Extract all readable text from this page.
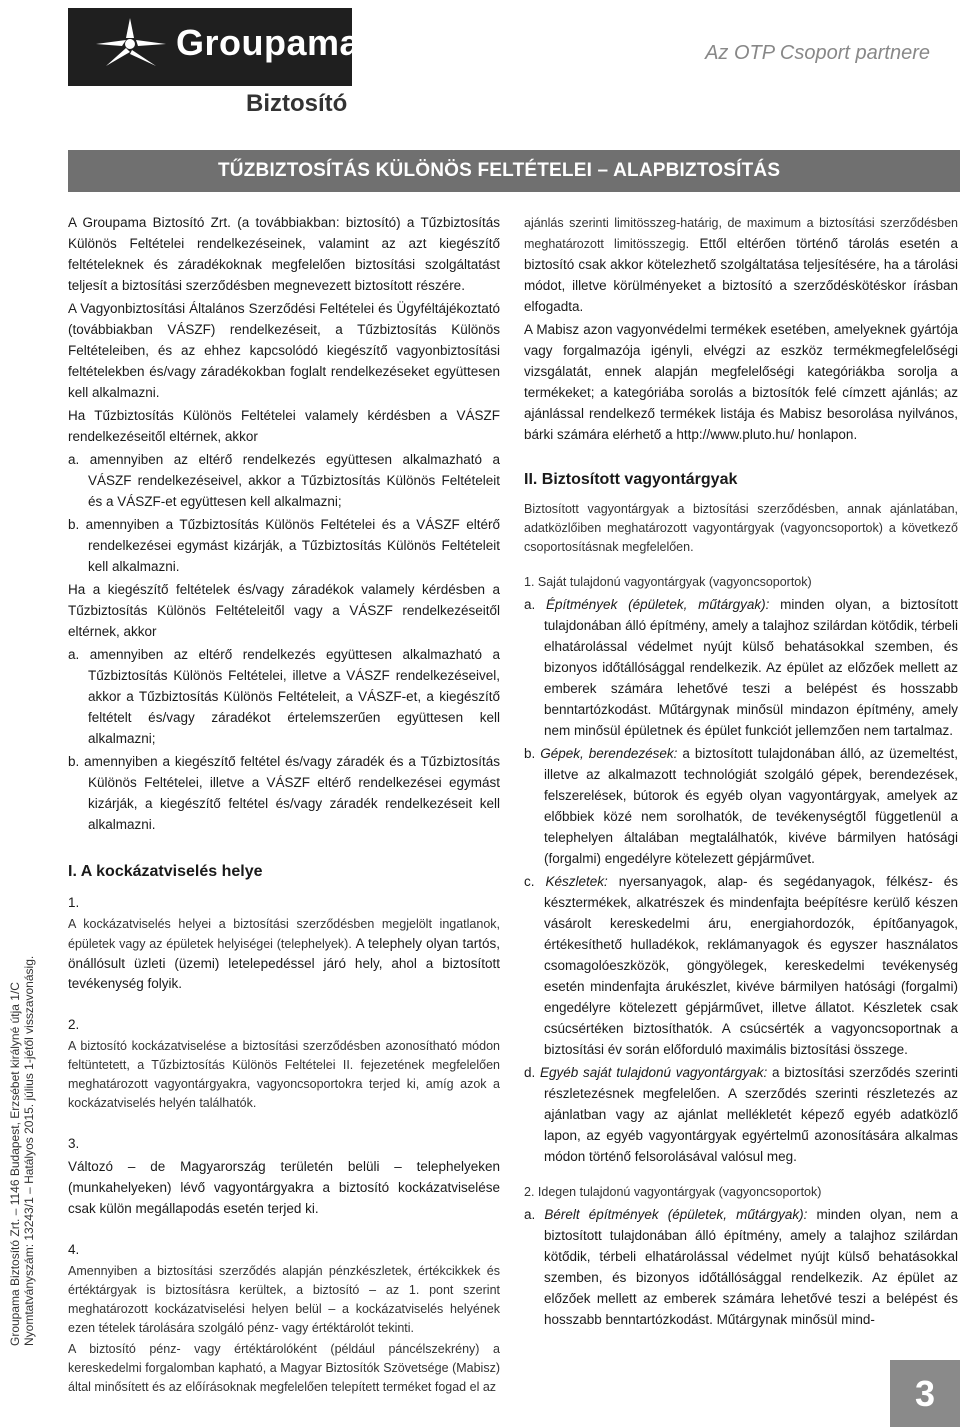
Groupama
Biztosító
Az OTP Csoport partnere
TŰZBIZTOSÍTÁS KÜLÖNÖS FELTÉTELEI – ALAPBIZTOSÍTÁS

A Groupama Biztosító Zrt. (a továbbiakban: biztosító) a Tűzbiztosítás Különös Feltételei rendelkezéseinek, valamint az azt kiegészítő feltételeknek és záradékoknak megfelelően biztosítási szolgáltatást teljesít a biztosítási szerződésben megnevezett biztosított részére.

A Vagyonbiztosítási Általános Szerződési Feltételei és Ügyféltájékoztató (továbbiakban VÁSZF) rendelkezéseit, a Tűzbiztosítás Különös Feltételeiben, és az ehhez kapcsolódó kiegészítő vagyonbiztosítási feltételekben és/vagy záradékokban foglalt rendelkezéseket együttesen kell alkalmazni.

Ha Tűzbiztosítás Különös Feltételei valamely kérdésben a VÁSZF rendelkezéseitől eltérnek, akkor

a. amennyiben az eltérő rendelkezés együttesen alkalmazható a VÁSZF rendelkezéseivel, akkor a Tűzbiztosítás Különös Feltételeit és a VÁSZF-et együttesen kell alkalmazni;

b. amennyiben a Tűzbiztosítás Különös Feltételei és a VÁSZF eltérő rendelkezései egymást kizárják, a Tűzbiztosítás Különös Feltételeit kell alkalmazni.

Ha a kiegészítő feltételek és/vagy záradékok valamely kérdésben a Tűzbiztosítás Különös Feltételeitől vagy a VÁSZF rendelkezéseitől eltérnek, akkor

a. amennyiben az eltérő rendelkezés együttesen alkalmazható a Tűzbiztosítás Különös Feltételei, illetve a VÁSZF rendelkezéseivel, akkor a Tűzbiztosítás Különös Feltételeit, a VÁSZF-et, a kiegészítő feltételt és/vagy záradékot értelemszerűen együttesen kell alkalmazni;

b. amennyiben a kiegészítő feltétel és/vagy záradék és a Tűzbiztosítás Különös Feltételei, illetve a VÁSZF eltérő rendelkezései egymást kizárják, a kiegészítő feltétel és/vagy záradék rendelkezéseit kell alkalmazni.

I. A kockázatviselés helye

1.

A kockázatviselés helyei a biztosítási szerződésben megjelölt ingatlanok, épületek vagy az épületek helyiségei (telephelyek). A telephely olyan tartós, önállósult üzleti (üzemi) letelepedéssel járó hely, ahol a biztosított tevékenység folyik.

2.

A biztosító kockázatviselése a biztosítási szerződésben azonosítható módon feltüntetett, a Tűzbiztosítás Különös Feltételei II. fejezetének megfelelően meghatározott vagyontárgyakra, vagyoncsoportokra terjed ki, amíg azok a kockázatviselés helyén találhatók.

3.

Változó – de Magyarország területén belüli – telephelyeken (munkahelyeken) lévő vagyontárgyakra a biztosító kockázatviselése csak külön megállapodás esetén terjed ki.

4.

Amennyiben a biztosítási szerződés alapján pénzkészletek, értékcikkek és értéktárgyak is biztosításra kerültek, a biztosító – az 1. pont szerint meghatározott kockázatviselési helyen belül – a kockázatviselés helyének ezen tételek tárolására szolgáló pénz- vagy értéktárolót tekinti.

A biztosító pénz- vagy értéktárolóként (például páncélszekrény) a kereskedelmi forgalomban kapható, a Magyar Biztosítók Szövetsége (Mabisz) által minősített és az előírásoknak megfelelően telepített terméket fogad el az

ajánlás szerinti limitösszeg-határig, de maximum a biztosítási szerződésben meghatározott limitösszegig. Ettől eltérően történő tárolás esetén a biztosító csak akkor kötelezhető szolgáltatása teljesítésére, ha a tárolási módot, illetve körülményeket a biztosító a szerződéskötéskor írásban elfogadta.

A Mabisz azon vagyonvédelmi termékek esetében, amelyeknek gyártója vagy forgalmazója igényli, elvégzi az eszköz termékmegfelelőségi vizsgálatát, ennek alapján megfelelőségi kategóriákba sorolja a termékeket; a kategóriába sorolás a biztosítók felé címzett ajánlás; az ajánlással rendelkező termékek listája és Mabisz besorolása nyilvános, bárki számára elérhető a http://www.pluto.hu/ honlapon.

II. Biztosított vagyontárgyak

Biztosított vagyontárgyak a biztosítási szerződésben, annak ajánlatában, adatközlőiben meghatározott vagyontárgyak (vagyoncsoportok) a következő csoportosításnak megfelelően.

1. Saját tulajdonú vagyontárgyak (vagyoncsoportok)

a. Építmények (épületek, műtárgyak): minden olyan, a biztosított tulajdonában álló építmény, amely a talajhoz szilárdan kötődik, térbeli elhatárolással védelmet nyújt külső behatásokkal szemben, és bizonyos időtállósággal rendelkezik. Az épület az előzőek mellett az emberek számára lehetővé teszi a belépést és hosszabb benntartózkodást. Műtárgynak minősül mindazon építmény, amely nem minősül épületnek és épület funkciót jellemzően nem tartalmaz.

b. Gépek, berendezések: a biztosított tulajdonában álló, az üzemeltést, illetve az alkalmazott technológiát szolgáló gépek, berendezések, felszerelések, bútorok és egyéb olyan vagyontárgyak, amelyek az előbbiek közé nem sorolhatók, de tevékenységtől függetlenül a telephelyen általában megtalálhatók, kivéve bármilyen hatósági (forgalmi) engedélyre kötelezett gépjárművet.

c. Készletek: nyersanyagok, alap- és segédanyagok, félkész- és késztermékek, alkatrészek és mindenfajta beépítésre kerülő készen vásárolt kereskedelmi áru, energiahordozók, építőanyagok, értékesíthető hulladékok, reklámanyagok és egyszer használatos csomagolóeszközök, göngyölegek, kereskedelmi tevékenység esetén mindenfajta árukészlet, kivéve bármilyen hatósági (forgalmi) engedélyre kötelezett gépjárművet, illetve állatot. Készletek csak csúcsértéken biztosíthatók. A csúcsérték a vagyoncsoportnak a biztosítási év során előforduló maximális biztosítási összege.

d. Egyéb saját tulajdonú vagyontárgyak: a biztosítási szerződés szerinti részletezésnek megfelelően. A szerződés szerinti részletezés az ajánlatban vagy az ajánlat mellékletét képező egyéb adatközlő lapon, az egyéb vagyontárgyak egyértelmű azonosítására alkalmas módon történő felsorolásával valósul meg.

2. Idegen tulajdonú vagyontárgyak (vagyoncsoportok)

a. Bérelt építmények (épületek, műtárgyak): minden olyan, nem a biztosított tulajdonában álló építmény, amely a talajhoz szilárdan kötődik, térbeli elhatárolással védelmet nyújt külső behatásokkal szemben, és bizonyos időtállósággal rendelkezik. Az épület az előzőek mellett az emberek számára lehetővé teszi a belépést és hosszabb benntartózkodást. Műtárgynak minősül mind-

Groupama Biztosító Zrt. – 1146 Budapest, Erzsébet királyné útja 1/C Nyomtatványszám: 13243/1 – Hatályos 2015. július 1-jétől visszavonásig.
3
